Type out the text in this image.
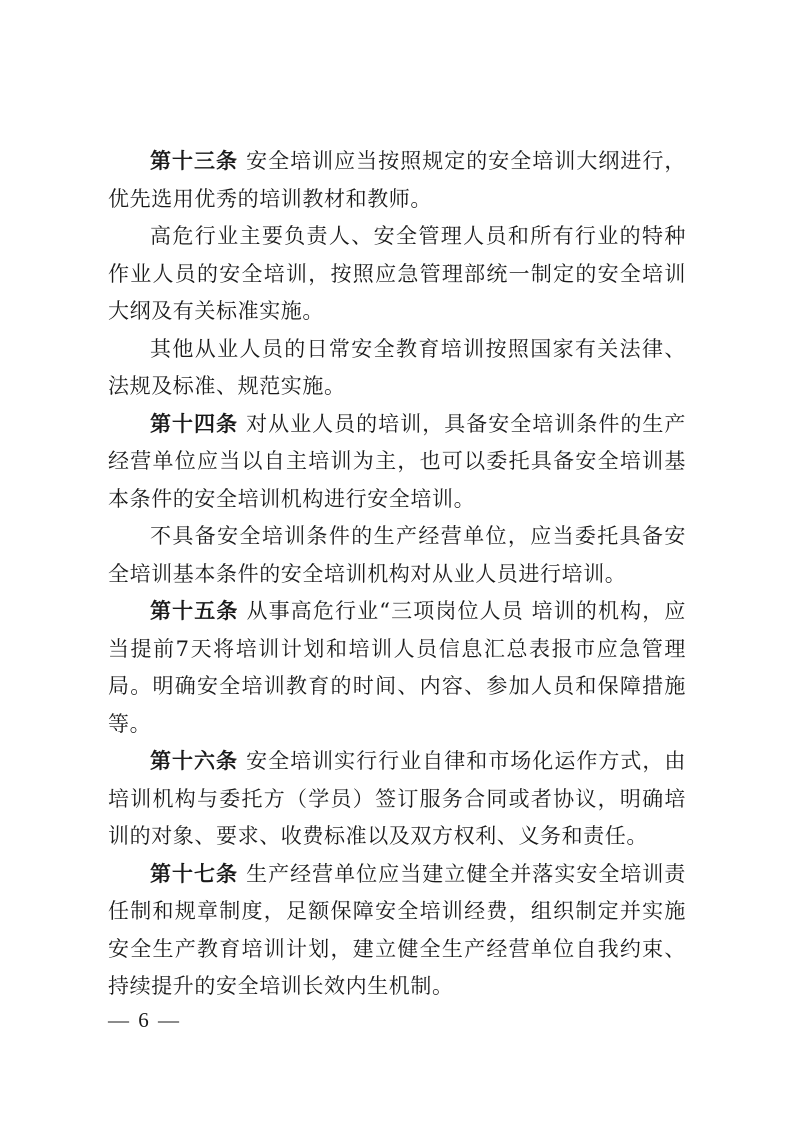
第十三条 安全培训应当按照规定的安全培训大纲进行，优先选用优秀的培训教材和教师。

高危行业主要负责人、安全管理人员和所有行业的特种作业人员的安全培训，按照应急管理部统一制定的安全培训大纲及有关标准实施。

其他从业人员的日常安全教育培训按照国家有关法律、法规及标准、规范实施。

第十四条 对从业人员的培训，具备安全培训条件的生产经营单位应当以自主培训为主，也可以委托具备安全培训基本条件的安全培训机构进行安全培训。

不具备安全培训条件的生产经营单位，应当委托具备安全培训基本条件的安全培训机构对从业人员进行培训。

第十五条 从事高危行业“三项岗位人员 培训的机构，应当提前7天将培训计划和培训人员信息汇总表报市应急管理局。明确安全培训教育的时间、内容、参加人员和保障措施等。

第十六条 安全培训实行行业自律和市场化运作方式，由培训机构与委托方（学员）签订服务合同或者协议，明确培训的对象、要求、收费标准以及双方权利、义务和责任。

第十七条 生产经营单位应当建立健全并落实安全培训责任制和规章制度，足额保障安全培训经费，组织制定并实施安全生产教育培训计划，建立健全生产经营单位自我约束、持续提升的安全培训长效内生机制。

— 6 —
